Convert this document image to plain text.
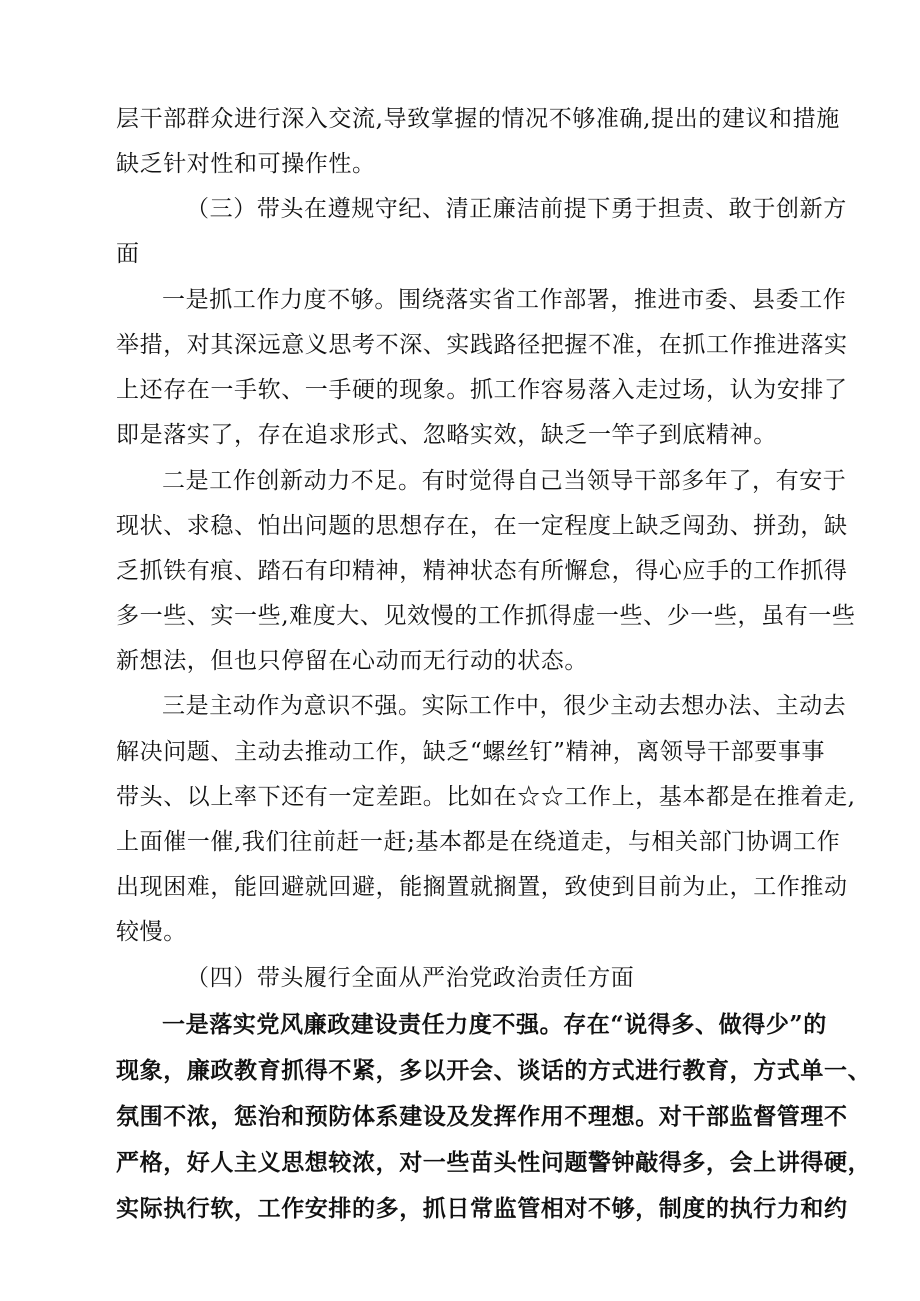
层干部群众进行深入交流,导致掌握的情况不够准确,提出的建议和措施
缺乏针对性和可操作性。
（三）带头在遵规守纪、清正廉洁前提下勇于担责、敢于创新方
面
一是抓工作力度不够。围绕落实省工作部署，推进市委、县委工作
举措，对其深远意义思考不深、实践路径把握不准，在抓工作推进落实
上还存在一手软、一手硬的现象。抓工作容易落入走过场，认为安排了
即是落实了，存在追求形式、忽略实效，缺乏一竿子到底精神。
二是工作创新动力不足。有时觉得自己当领导干部多年了，有安于
现状、求稳、怕出问题的思想存在，在一定程度上缺乏闯劲、拼劲，缺
乏抓铁有痕、踏石有印精神，精神状态有所懈怠，得心应手的工作抓得
多一些、实一些,难度大、见效慢的工作抓得虚一些、少一些，虽有一些
新想法，但也只停留在心动而无行动的状态。
三是主动作为意识不强。实际工作中，很少主动去想办法、主动去
解决问题、主动去推动工作，缺乏“螺丝钉”精神，离领导干部要事事
带头、以上率下还有一定差距。比如在☆☆工作上，基本都是在推着走,
上面催一催,我们往前赶一赶;基本都是在绕道走，与相关部门协调工作
出现困难，能回避就回避，能搁置就搁置，致使到目前为止，工作推动
较慢。
（四）带头履行全面从严治党政治责任方面
一是落实党风廉政建设责任力度不强。存在“说得多、做得少”的
现象，廉政教育抓得不紧，多以开会、谈话的方式进行教育，方式单一、
氛围不浓，惩治和预防体系建设及发挥作用不理想。对干部监督管理不
严格，好人主义思想较浓，对一些苗头性问题警钟敲得多，会上讲得硬，
实际执行软，工作安排的多，抓日常监管相对不够，制度的执行力和约
